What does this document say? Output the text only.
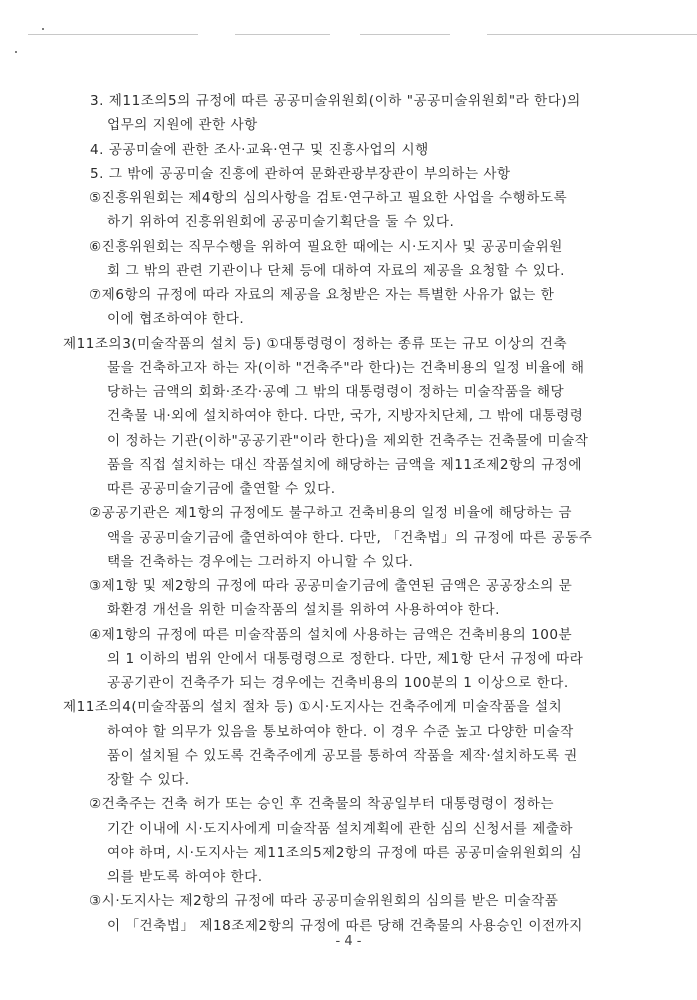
3. 제11조의5의 규정에 따른 공공미술위원회(이하 "공공미술위원회"라 한다)의
업무의 지원에 관한 사항
4. 공공미술에 관한 조사·교육·연구 및 진흥사업의 시행
5. 그 밖에 공공미술 진흥에 관하여 문화관광부장관이 부의하는 사항
⑤진흥위원회는 제4항의 심의사항을 검토·연구하고 필요한 사업을 수행하도록
하기 위하여 진흥위원회에 공공미술기획단을 둘 수 있다.
⑥진흥위원회는 직무수행을 위하여 필요한 때에는 시·도지사 및 공공미술위원
회 그 밖의 관련 기관이나 단체 등에 대하여 자료의 제공을 요청할 수 있다.
⑦제6항의 규정에 따라 자료의 제공을 요청받은 자는 특별한 사유가 없는 한
이에 협조하여야 한다.
제11조의3(미술작품의 설치 등) ①대통령령이 정하는 종류 또는 규모 이상의 건축
물을 건축하고자 하는 자(이하 "건축주"라 한다)는 건축비용의 일정 비율에 해
당하는 금액의 회화·조각·공예 그 밖의 대통령령이 정하는 미술작품을 해당
건축물 내·외에 설치하여야 한다. 다만, 국가, 지방자치단체, 그 밖에 대통령령
이 정하는 기관(이하"공공기관"이라 한다)을 제외한 건축주는 건축물에 미술작
품을 직접 설치하는 대신 작품설치에 해당하는 금액을 제11조제2항의 규정에
따른 공공미술기금에 출연할 수 있다.
②공공기관은 제1항의 규정에도 불구하고 건축비용의 일정 비율에 해당하는 금
액을 공공미술기금에 출연하여야 한다. 다만, 「건축법」의 규정에 따른 공동주
택을 건축하는 경우에는 그러하지 아니할 수 있다.
③제1항 및 제2항의 규정에 따라 공공미술기금에 출연된 금액은 공공장소의 문
화환경 개선을 위한 미술작품의 설치를 위하여 사용하여야 한다.
④제1항의 규정에 따른 미술작품의 설치에 사용하는 금액은 건축비용의 100분
의 1 이하의 범위 안에서 대통령령으로 정한다. 다만, 제1항 단서 규정에 따라
공공기관이 건축주가 되는 경우에는 건축비용의 100분의 1 이상으로 한다.
제11조의4(미술작품의 설치 절차 등) ①시·도지사는 건축주에게 미술작품을 설치
하여야 할 의무가 있음을 통보하여야 한다. 이 경우 수준 높고 다양한 미술작
품이 설치될 수 있도록 건축주에게 공모를 통하여 작품을 제작·설치하도록 권
장할 수 있다.
②건축주는 건축 허가 또는 승인 후 건축물의 착공일부터 대통령령이 정하는
기간 이내에 시·도지사에게 미술작품 설치계획에 관한 심의 신청서를 제출하
여야 하며, 시·도지사는 제11조의5제2항의 규정에 따른 공공미술위원회의 심
의를 받도록 하여야 한다.
③시·도지사는 제2항의 규정에 따라 공공미술위원회의 심의를 받은 미술작품
이 「건축법」 제18조제2항의 규정에 따른 당해 건축물의 사용승인 이전까지
- 4 -
